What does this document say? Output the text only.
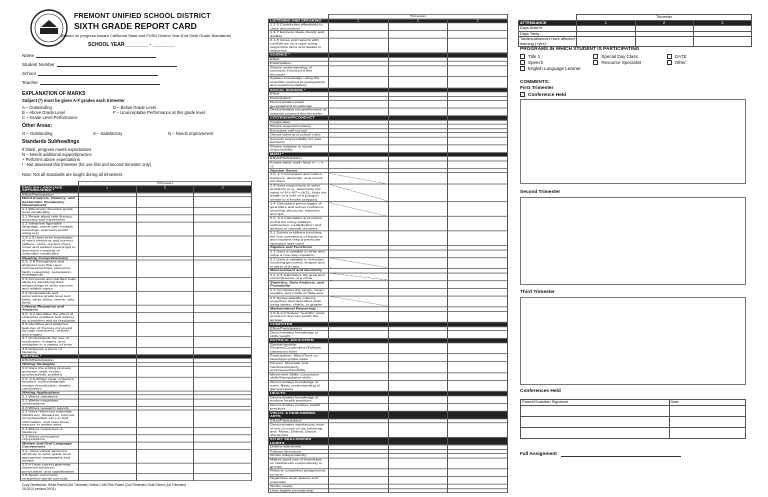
FREMONT UNIFIED SCHOOL DISTRICT
SIXTH GRADE REPORT CARD
(Based on progress toward California State and FUSD District Year-End Sixth Grade Standards)
SCHOOL YEAR ________ - ________
Name
Student Number
School
Teacher
EXPLANATION OF MARKS
Subject (*) must be given A-F grades each trimester
A – Outstanding
B – Above Grade Level
C – Grade Level Performance
D – Below Grade Level
F – Unacceptable Performance at this grade level
Other Areas:
O – Outstanding	S – Satisfactory	N – Needs Improvement
Standards Subheadings
If blank, progress meets expectations
N – Needs additional support/practice
+ Performs above expectations
/ - Not assessed this trimester (for use first and second trimester only)
Note: Not all standards are taught during all trimesters
	Trimester		
ENGLISH LANGUAGE ARTS/READING *	1	2	3
Effort/Participation			
Word Analysis, Fluency, and Systematic Vocabulary Development			
1.1 Effectively decodes grade level vocabulary			
1.1 Reads aloud with fluency, accuracy and expression			
1.2 Interprets figurative language, words with multiple meanings, unknown words using text			
1.3-1.5 Uses prior knowledge of word elements and context (affixes, roots, context clues, novel and related meanings) to determine meaning of unfamiliar vocabulary			
Reading Comprehension			
2.2, 2.8 Recognizes and analyzes text that uses compare/contrast, inference, faulty reasoning, persuasion, propaganda			
2.3 Connects and clarifies main ideas by identifying their relationships to other sources and related topics			
2.4 Understands and summarizes grade level text (who, what, when, where, why, how)			
Literary Response and Analysis			
3.0, 3.2 Identifies the effect of character qualities and setting, on a problem and its resolution			
3.6 Identifies and analyzes features of themes conveyed through characters, actions, and images			
3.7 Understands the use of symbolism, imagery, and metaphor in a variety of texts			
3.8 Critiques a piece of literature			
WRITING *			
Effort/Participation			
Writing Strategies			
1.0 Uses the writing process (prewrite, draft, revise, proofread/edit, publish)			
1.0, 2.0 Writes clear, coherent, focused, multi-paragraph essays (introduction, details, conclusion)			
Writing Applications			
2.1 Writes narratives			
2.2 Writes expository compositions			
2.3 Writes research reports			
2.3 Uses reference materials (dictionary, thesaurus, Internet, encyclopedias, etc.) to find information, and cites these sources in written work			
2.4 Writes responses to literature			
2.5 Writes persuasive compositions			
Written and Oral Language Conventions			
1.1, Uses varied sentence structure to write grade level appropriate paragraphs and essays			
1.2-4 Uses correct grammar, sentence structure, punctuation, and capitalization			
1.5 Spells commonly misspelled words correctly			
Copy Distribution: White-Parent (3rd Trimester) Yellow-CUM Pink-Parent (2nd Trimester) Gold-Parent (1st Trimester)
29-0010 (revised 09/11)
	Trimester		
LISTENING AND SPEAKING	1	2	3
1.1-5 Contributes effectively to class discussions			
1.4-7 Express ideas clearly and audibly			
2.1-5 Gives oral reports with confidence on a topic using supportive facts and details in sequence			
SCIENCE *			
Effort			
Participation			
Shows understanding of concepts introduced this trimester			
Applies knowledge using the scientific method (investigations and experimentation)			
SOCIAL SCIENCE *			
Effort			
Participation			
Demonstrates basic geographical knowledge			
Demonstrates comprehension of material covered this trimester			
CITIZENSHIP/CONDUCT			
Cooperates			
Shows respect/courtesy			
Exercises self-control			
Obeys class and school rules			
Accepts responsibility for own behavior			
Shows initiative in social responsibility			
MATH *			
Effort/Participation			
Knows basic math facts (+, -, ×, ÷)			
Number Sense			
1.0, 1.1 Compares and orders fractions, decimals, and mixed numbers			
1.3 Uses proportions to solve problems (e.g., determine the value of N if 4/7 = N/21, finds the length of a side of a polygon similar to a known polygon)			
1.4 Calculates percentages of quantities and solves problems involving discounts, interests and tips			
2.0, 2.3 Calculates and solves problems using addition, subtraction, multiplication and division of rational numbers			
2.1 Solves problems involving the four operations of fractions and explains why a particular operation was used			
Algebra and Functions			
1.1 Uses a variable to write and solve a one-step equation			
3.1 Uses a variable in formulas involving geometric shapes and in parts of a ratio			
Measurement and Geometry			
1.1-2-3 Calculates the area and circumference of a circle			
Statistics, Data Analysis, and Probability			
1.1 Computes the range, mean, median, and mode of data sets			
2.5 Systematically collects, organizes and describes data using tables, charts, or graphs			
Mathematical Reasoning			
1.0-&.2.0 Solves "real life" word problems and can justify the answer			
COMPUTER			
Effort/Participation			
Demonstrates knowledge of skills taught			
PHYSICAL EDUCATION			
Sportsmanship: Respect/Cooperation/Follows classroom rules			
Participation: Effort/Time on task/Appropriate attire			
Fitness: Muscular and cardiorespiratory endurance/Flexibility			
Movement Skills: Locomotor skills/Manipulative skills			
Demonstrates knowledge of rules: Basic understanding of games/sports			
HEALTH			
Demonstrates knowledge of positive health practices			
Demonstrates positive health practices			
VISUAL & PERFORMING ARTS			
Effort/Participation			
Demonstrates satisfactory work in one or more of the following arts: Music, Drama, Dance, Visual Arts			
STUDY SKILLS/WORK HABITS			
Listens attentively			
Follows directions			
Works independently			
Makes good use of time/stays on task/works cooperatively in groups			
Returns completed assignments on time			
Organizes work spaces and materials			
Works neatly			
Uses legible penmanship			
	Trimester		
ATTENDANCE	1	2	3
Days Absent			
Days Tardy			
Tardies/absences have affected learning (+yes)			
PROGRAMS IN WHICH STUDENT IS PARTICIPATING
Title 1	Special Day Class	GATE
Speech	Resource Specialist	Other:
English Language Learner
COMMENTS:
First Trimester
Conference Held
Second Trimester
Third Trimester
Conferences Held
Parent/Guardian Signature	Date

Fall Assignment
